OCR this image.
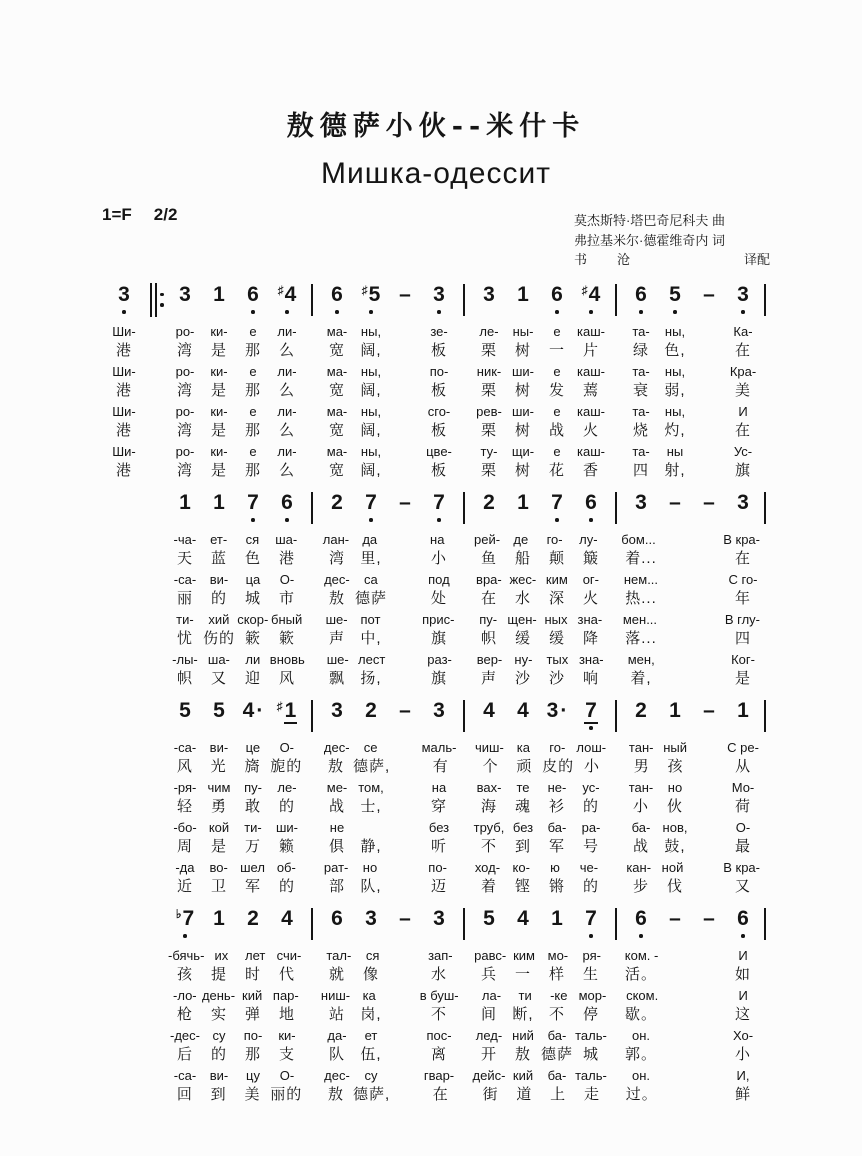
敖德萨小伙--米什卡
Мишка-одессит
1=F 2/2	莫杰斯特·塔巴奇尼科夫 曲
弗拉基米尔·德霍维奇内 词
书 沧	译配
3	3	1	6	♯4	6	♯5 –	3	3	1	6	♯4	6	5	–	3
Ши-	ро-	ки-	е	ли-	ма-	ны,	зе-	ле-	ны-	е	каш-	та-	ны,	Ка-
港	湾	是	那	么	宽	阔,	板	栗	树	一	片	绿	色,	在
Ши-	ро-	ки-	е	ли-	ма-	ны,	по-	ник- ши-	е	каш-	та-	ны,	Кра-
港	湾	是	那	么	宽	阔,	板	栗	树	发	蔫	衰	弱,	美
Ши-	ро-	ки-	е	ли-	ма-	ны,	сго-	рев- ши-	е	каш-	та-	ны,	И
港	湾	是	那	么	宽	阔,	板	栗	树	战	火	烧	灼,	在
Ши-	ро-	ки-	е	ли-	ма-	ны,	цве-	ту-	щи-	е	каш-	та-	ны	Ус-
港	湾	是	那	么	宽	阔,	板	栗	树	花	香	四	射,	旗
1	1	7	6	2	7	–	7	2	1	7	6	3	–	–	3
-ча-	ет-	ся	ша-	лан-	да	на	рей-	де	го-	лу-	бом...	В кра-
天	蓝	色	港	湾	里,	小	鱼	船	颠	簸	着...	在
-са-	ви-	ца	О-	дес-	са	под	вра- жес- ким	ог-	нем...	С го-
丽	的	城	市	敖 德萨	处	在	水	深	火	热...	年
ти-	хий скор- бный	ше- пот	прис-	пу- щен- ных зна-	мен...	В глу-
忧 伤的 簌	簌	声	中,	旗	帜	缓	缓	降	落...	四
-лы- ша-	ли вновь	ше- лест	раз-	вер- ну-	тых зна-	мен,	Ког-
帜	又	迎	风	飘	扬,	旗	声	沙	沙	响	着,	是
5	5 4·	♯1	3	2	–	3	4	4 3· 7	2	1	–	1
-са-	ви-	це	О-	дес-	се	маль- чиш- ка	го- лош-	тан- ный	С ре-
风	光	旖 旎的	敖 德萨,	有	个	顽 皮的 小	男	孩	从
-ря- чим	пу-	ле-	ме- том,	на	вах-	те	не-	ус-	тан-	но	Мо-
轻	勇	敢	的	战	士,	穿	海	魂	衫	的	小	伙	荷
-бо- кой	ти-	ши-	не	без	труб, без	ба-	ра-	ба- нов,	О-
周	是	万	籁	俱	静,	听	不	到	军	号	战	鼓,	最
-да	во- шел об-	рат-	но	по-	ход- ко-	ю	че-	кан- ной	В кра-
近	卫	军	的	部	队,	迈	着	铿	锵	的	步	伐	又
♭7 1	2	4	6	3	–	3	5	4	1	7	6	–	–	6
-бячь- их	лет счи-	тал-	ся	зап-	равс- ким мо-	ря-	ком. -	И
孩	提	时	代	就	像	水	兵	一	样	生	活。	如
-ло- день- кий пар-	ниш- ка	в буш-	ла-	ти	-ке мор- ском.	И
枪	实	弹	地	站	岗,	不	间	断,	不	停	歇。	这
-дес- су	по-	ки-	да-	ет	пос-	лед- ний	ба- таль-	он.	Хо-
后	的	那	支	队	伍,	离	开	敖 德萨 城	郭。	小
-са-	ви-	цу	О-	дес-	су	гвар- дейс- кий	ба- таль-	он.	И,
回	到	美 丽的	敖 德萨,	在	街	道	上	走	过。	鲜
